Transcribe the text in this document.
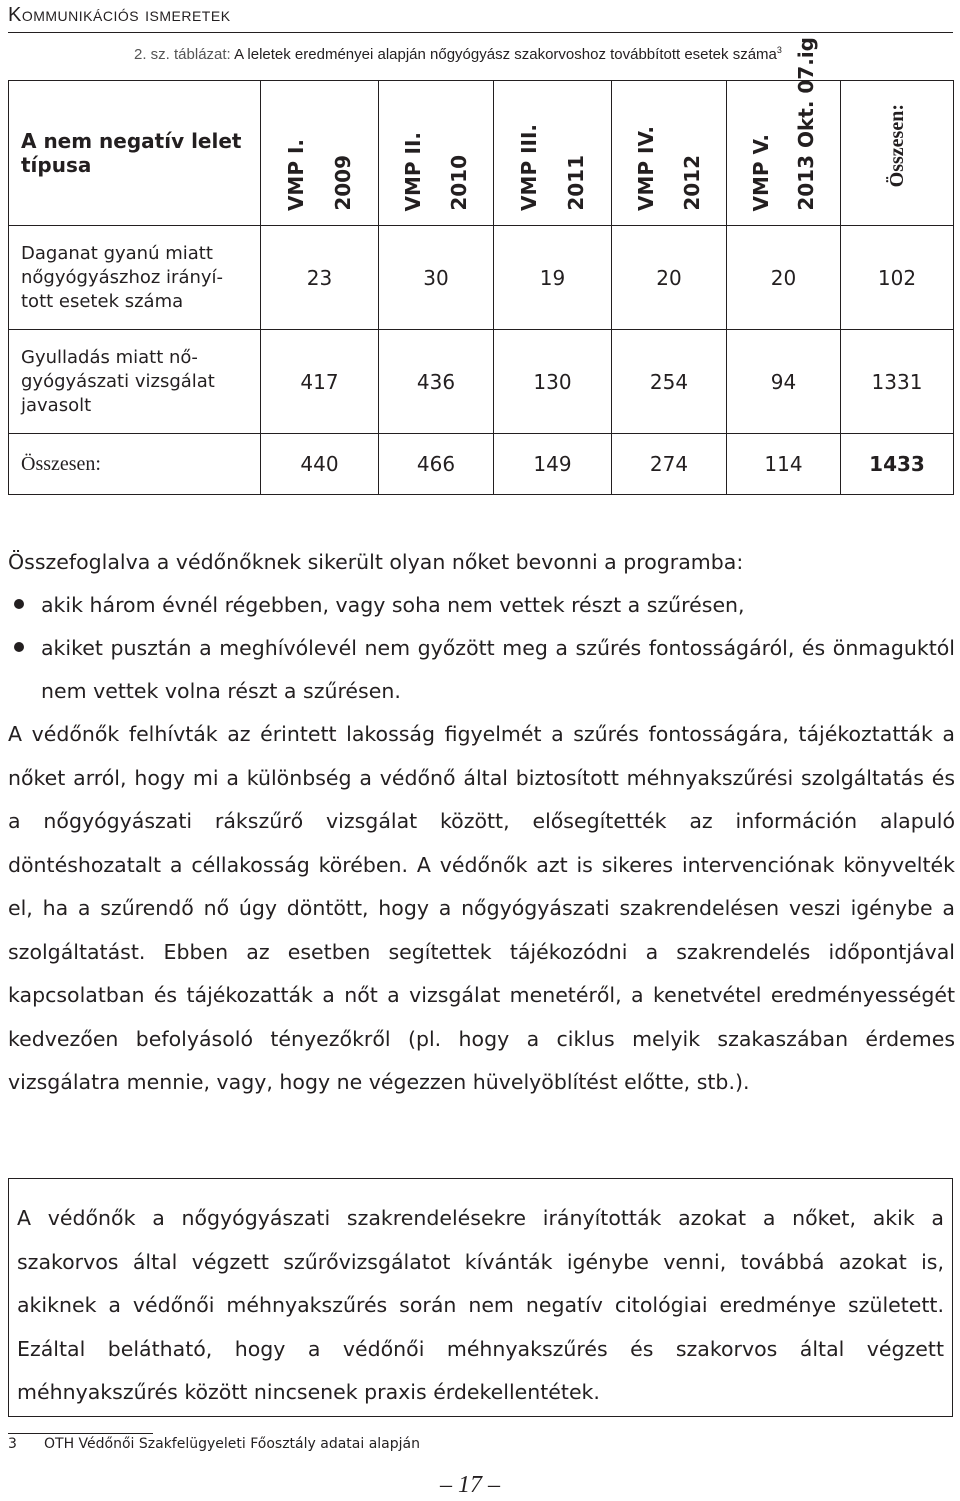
Kommunikációs ismeretek
2. sz. táblázat: A leletek eredményei alapján nőgyógyász szakorvoshoz továbbított esetek száma$^3$
A nem negatív lelet típusa	VMP I. 2009	VMP II. 2010	VMP III. 2011	VMP IV. 2012	VMP V. 2013 Okt. 07.ig	Összesen:

Daganat gyanú miatt nőgyógyászhoz irányí-tott esetek száma	23	30	19	20	20	102
Gyulladás miatt nő-gyógyászati vizsgálat javasolt	417	436	130	254	94	1331
Összesen:	440	466	149	274	114	1433
Összefoglalva a védőnőknek sikerült olyan nőket bevonni a programba:
akik három évnél régebben, vagy soha nem vettek részt a szűrésen,
akiket pusztán a meghívólevél nem győzött meg a szűrés fontosságáról, és önmaguktól nem vettek volna részt a szűrésen.
A védőnők felhívták az érintett lakosság figyelmét a szűrés fontosságára, tájékoztatták a nőket arról, hogy mi a különbség a védőnő által biztosított méhnyakszűrési szolgáltatás és a nőgyógyászati rákszűrő vizsgálat között, elősegítették az információn alapuló döntéshozatalt a céllakosság körében. A védőnők azt is sikeres intervenciónak könyvelték el, ha a szűrendő nő úgy döntött, hogy a nőgyógyászati szakrendelésen veszi igénybe a szolgáltatást. Ebben az esetben segítettek tájékozódni a szakrendelés időpontjával kapcsolatban és tájékozatták a nőt a vizsgálat menetéről, a kenetvétel eredményességét kedvezően befolyásoló tényezőkről (pl. hogy a ciklus melyik szakaszában érdemes vizsgálatra mennie, vagy, hogy ne végezzen hüvelyöblítést előtte, stb.).
A védőnők a nőgyógyászati szakrendelésekre irányították azokat a nőket, akik a szakorvos által végzett szűrővizsgálatot kívánták igénybe venni, továbbá azokat is, akiknek a védőnői méhnyakszűrés során nem negatív citológiai eredménye született. Ezáltal belátható, hogy a védőnői méhnyakszűrés és szakorvos által végzett méhnyakszűrés között nincsenek praxis érdekellentétek.
3 OTH Védőnői Szakfelügyeleti Főosztály adatai alapján
– 17 –
